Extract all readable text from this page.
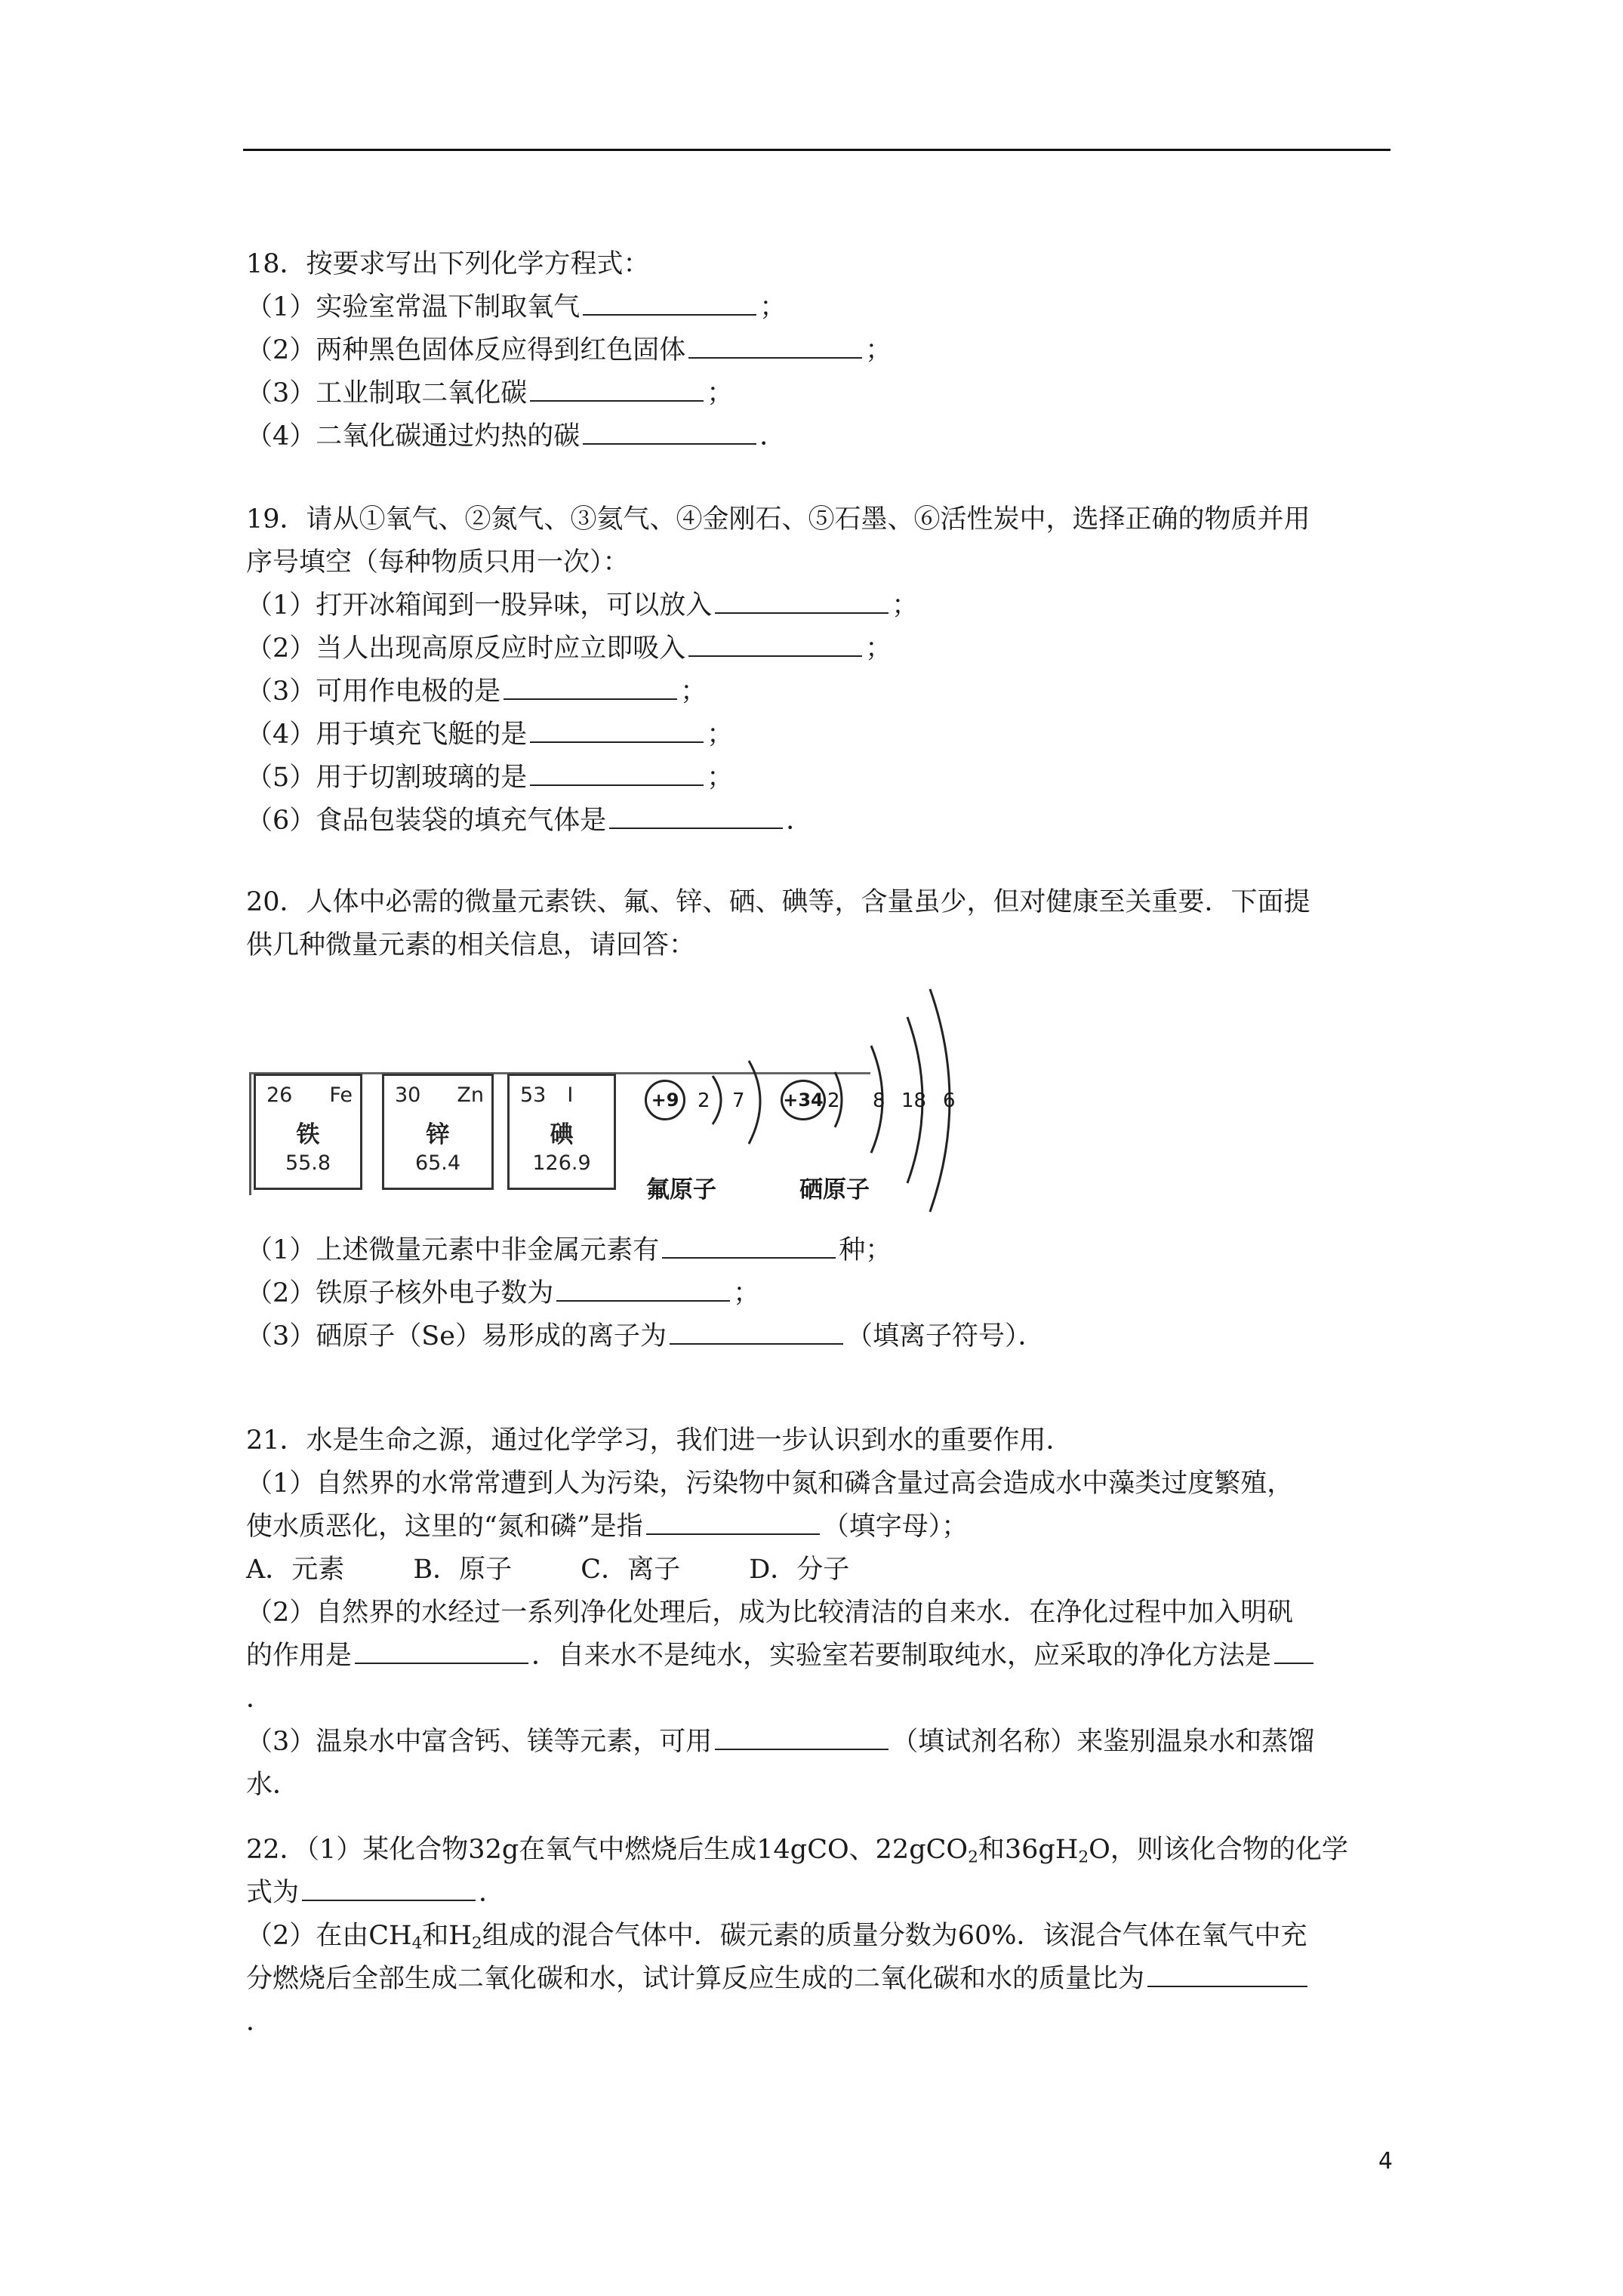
18．按要求写出下列化学方程式：
（1）实验室常温下制取氧气	；
（2）两种黑色固体反应得到红色固体	；
（3）工业制取二氧化碳	；
（4）二氧化碳通过灼热的碳	．
19．请从①氧气、②氮气、③氦气、④金刚石、⑤石墨、⑥活性炭中，选择正确的物质并用
序号填空（每种物质只用一次）：
（1）打开冰箱闻到一股异味，可以放入	；
（2）当人出现高原反应时应立即吸入	；
（3）可用作电极的是	；
（4）用于填充飞艇的是	；
（5）用于切割玻璃的是	；
（6）食品包装袋的填充气体是	．
20．人体中必需的微量元素铁、氟、锌、硒、碘等，含量虽少，但对健康至关重要．下面提
供几种微量元素的相关信息，请回答：
26 Fe
铁
55.8
30 Zn
锌
65.4
53 I
碘
126.9
+9 2 7
氟原子
+34 2 8 18 6
硒原子
（1）上述微量元素中非金属元素有	种；
（2）铁原子核外电子数为	；
（3）硒原子（Se）易形成的离子为	（填离子符号）．
21．水是生命之源，通过化学学习，我们进一步认识到水的重要作用．
（1）自然界的水常常遭到人为污染，污染物中氮和磷含量过高会造成水中藻类过度繁殖，
使水质恶化，这里的“氮和磷”是指	（填字母）；
A．元素	B．原子	C．离子	D．分子
（2）自然界的水经过一系列净化处理后，成为比较清洁的自来水．在净化过程中加入明矾
的作用是	．自来水不是纯水，实验室若要制取纯水，应采取的净化方法是
．
（3）温泉水中富含钙、镁等元素，可用	（填试剂名称）来鉴别温泉水和蒸馏
水．
22．（1）某化合物32g在氧气中燃烧后生成14gCO、22gCO$_2$和$36gH_2O$，则该化合物的化学
式为	．
（2）在由$CH_4$和$H_2$组成的混合气体中．碳元素的质量分数为60%．该混合气体在氧气中充
分燃烧后全部生成二氧化碳和水，试计算反应生成的二氧化碳和水的质量比为
．
4
